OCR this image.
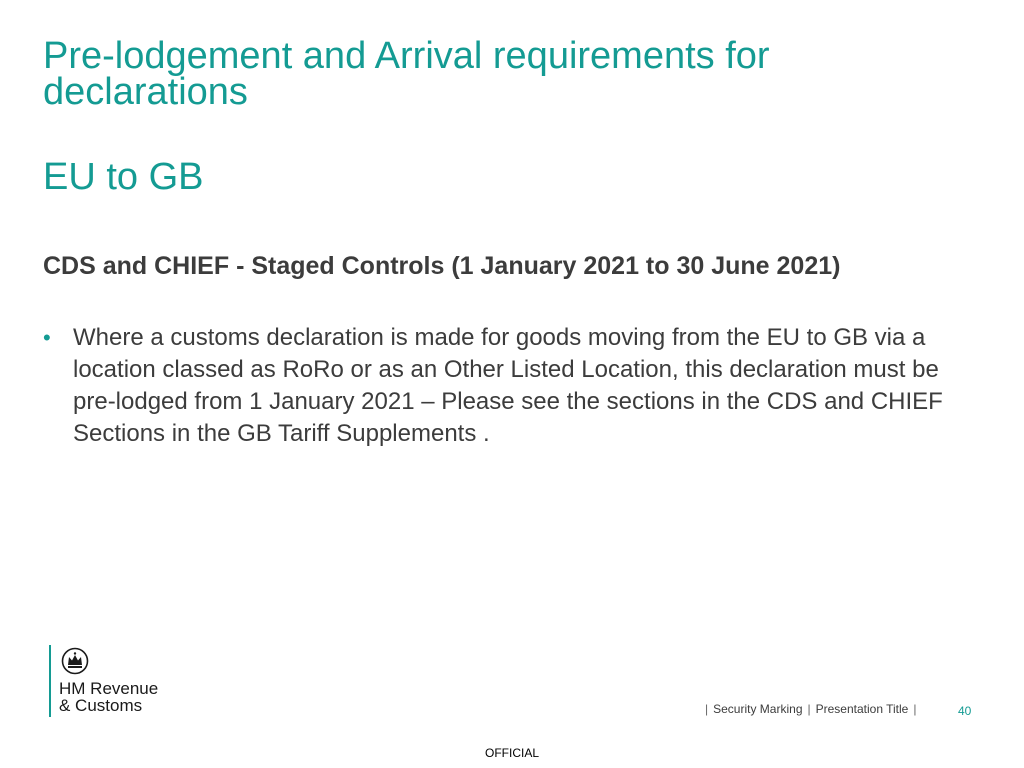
Pre-lodgement and Arrival requirements for
declarations
EU to GB
CDS and CHIEF - Staged Controls (1 January 2021 to 30 June 2021)
• Where a customs declaration is made for goods moving from the EU to GB via a location classed as RoRo or as an Other Listed Location, this declaration must be pre-lodged from 1 January 2021 – Please see the sections in the CDS and CHIEF Sections in the GB Tariff Supplements .
HM Revenue
& Customs	| Security Marking | Presentation Title |	40
OFFICIAL
